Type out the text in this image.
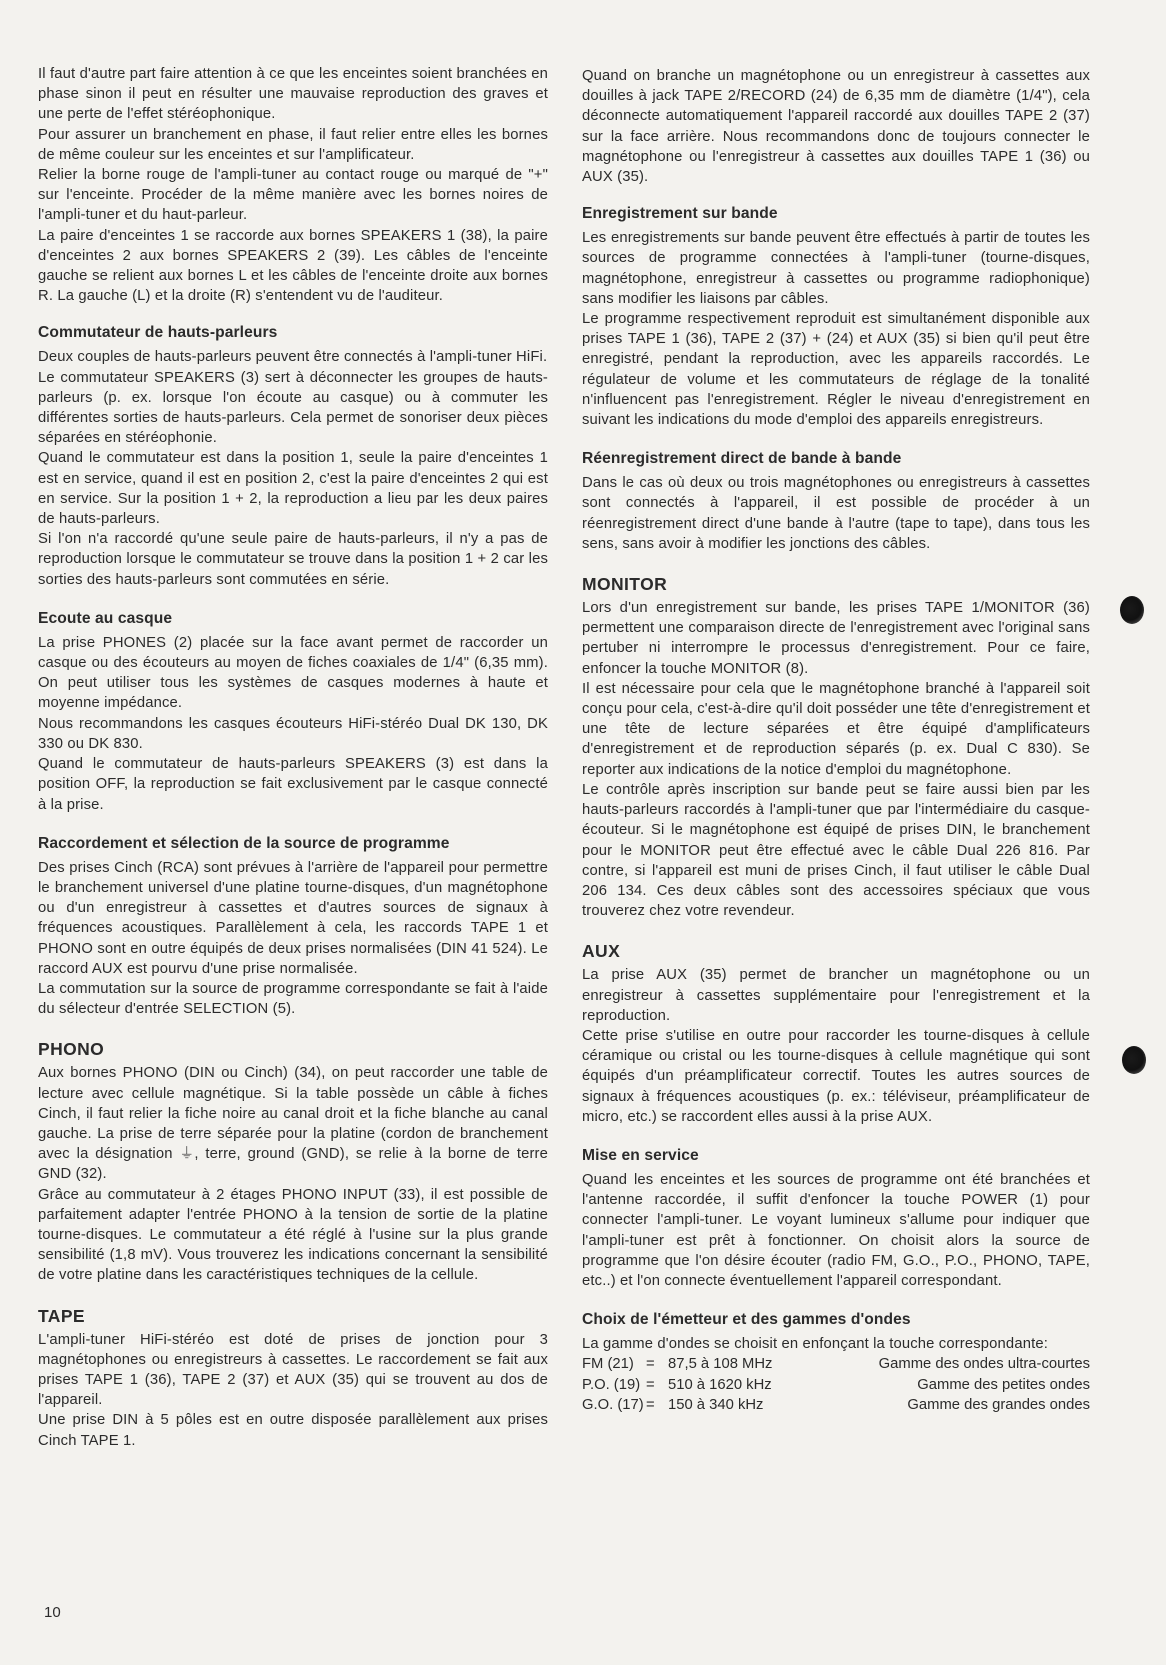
Il faut d'autre part faire attention à ce que les enceintes soient branchées en phase sinon il peut en résulter une mauvaise reproduction des graves et une perte de l'effet stéréophonique.

Pour assurer un branchement en phase, il faut relier entre elles les bornes de même couleur sur les enceintes et sur l'amplificateur.

Relier la borne rouge de l'ampli-tuner au contact rouge ou marqué de "+" sur l'enceinte. Procéder de la même manière avec les bornes noires de l'ampli-tuner et du haut-parleur.

La paire d'enceintes 1 se raccorde aux bornes SPEAKERS 1 (38), la paire d'enceintes 2 aux bornes SPEAKERS 2 (39). Les câbles de l'enceinte gauche se relient aux bornes L et les câbles de l'enceinte droite aux bornes R. La gauche (L) et la droite (R) s'entendent vu de l'auditeur.

Commutateur de hauts-parleurs

Deux couples de hauts-parleurs peuvent être connectés à l'ampli-tuner HiFi.

Le commutateur SPEAKERS (3) sert à déconnecter les groupes de hauts-parleurs (p. ex. lorsque l'on écoute au casque) ou à commuter les différentes sorties de hauts-parleurs. Cela permet de sonoriser deux pièces séparées en stéréophonie.

Quand le commutateur est dans la position 1, seule la paire d'enceintes 1 est en service, quand il est en position 2, c'est la paire d'enceintes 2 qui est en service. Sur la position 1 + 2, la reproduction a lieu par les deux paires de hauts-parleurs.

Si l'on n'a raccordé qu'une seule paire de hauts-parleurs, il n'y a pas de reproduction lorsque le commutateur se trouve dans la position 1 + 2 car les sorties des hauts-parleurs sont commutées en série.

Ecoute au casque

La prise PHONES (2) placée sur la face avant permet de raccorder un casque ou des écouteurs au moyen de fiches coaxiales de 1/4" (6,35 mm). On peut utiliser tous les systèmes de casques modernes à haute et moyenne impédance.

Nous recommandons les casques écouteurs HiFi-stéréo Dual DK 130, DK 330 ou DK 830.

Quand le commutateur de hauts-parleurs SPEAKERS (3) est dans la position OFF, la reproduction se fait exclusivement par le casque connecté à la prise.

Raccordement et sélection de la source de programme

Des prises Cinch (RCA) sont prévues à l'arrière de l'appareil pour permettre le branchement universel d'une platine tourne-disques, d'un magnétophone ou d'un enregistreur à cassettes et d'autres sources de signaux à fréquences acoustiques. Parallèlement à cela, les raccords TAPE 1 et PHONO sont en outre équipés de deux prises normalisées (DIN 41 524). Le raccord AUX est pourvu d'une prise normalisée.

La commutation sur la source de programme correspondante se fait à l'aide du sélecteur d'entrée SELECTION (5).

PHONO

Aux bornes PHONO (DIN ou Cinch) (34), on peut raccorder une table de lecture avec cellule magnétique. Si la table possède un câble à fiches Cinch, il faut relier la fiche noire au canal droit et la fiche blanche au canal gauche. La prise de terre séparée pour la platine (cordon de branchement avec la désignation ⏚, terre, ground (GND), se relie à la borne de terre GND (32).

Grâce au commutateur à 2 étages PHONO INPUT (33), il est possible de parfaitement adapter l'entrée PHONO à la tension de sortie de la platine tourne-disques. Le commutateur a été réglé à l'usine sur la plus grande sensibilité (1,8 mV). Vous trouverez les indications concernant la sensibilité de votre platine dans les caractéristiques techniques de la cellule.

TAPE

L'ampli-tuner HiFi-stéréo est doté de prises de jonction pour 3 magnétophones ou enregistreurs à cassettes. Le raccordement se fait aux prises TAPE 1 (36), TAPE 2 (37) et AUX (35) qui se trouvent au dos de l'appareil.

Une prise DIN à 5 pôles est en outre disposée parallèlement aux prises Cinch TAPE 1.

Quand on branche un magnétophone ou un enregistreur à cassettes aux douilles à jack TAPE 2/RECORD (24) de 6,35 mm de diamètre (1/4"), cela déconnecte automatiquement l'appareil raccordé aux douilles TAPE 2 (37) sur la face arrière. Nous recommandons donc de toujours connecter le magnétophone ou l'enregistreur à cassettes aux douilles TAPE 1 (36) ou AUX (35).

Enregistrement sur bande

Les enregistrements sur bande peuvent être effectués à partir de toutes les sources de programme connectées à l'ampli-tuner (tourne-disques, magnétophone, enregistreur à cassettes ou programme radiophonique) sans modifier les liaisons par câbles.

Le programme respectivement reproduit est simultanément disponible aux prises TAPE 1 (36), TAPE 2 (37) + (24) et AUX (35) si bien qu'il peut être enregistré, pendant la reproduction, avec les appareils raccordés. Le régulateur de volume et les commutateurs de réglage de la tonalité n'influencent pas l'enregistrement. Régler le niveau d'enregistrement en suivant les indications du mode d'emploi des appareils enregistreurs.

Réenregistrement direct de bande à bande

Dans le cas où deux ou trois magnétophones ou enregistreurs à cassettes sont connectés à l'appareil, il est possible de procéder à un réenregistrement direct d'une bande à l'autre (tape to tape), dans tous les sens, sans avoir à modifier les jonctions des câbles.

MONITOR

Lors d'un enregistrement sur bande, les prises TAPE 1/MONITOR (36) permettent une comparaison directe de l'enregistrement avec l'original sans pertuber ni interrompre le processus d'enregistrement. Pour ce faire, enfoncer la touche MONITOR (8).

Il est nécessaire pour cela que le magnétophone branché à l'appareil soit conçu pour cela, c'est-à-dire qu'il doit posséder une tête d'enregistrement et une tête de lecture séparées et être équipé d'amplificateurs d'enregistrement et de reproduction séparés (p. ex. Dual C 830). Se reporter aux indications de la notice d'emploi du magnétophone.

Le contrôle après inscription sur bande peut se faire aussi bien par les hauts-parleurs raccordés à l'ampli-tuner que par l'intermédiaire du casque-écouteur. Si le magnétophone est équipé de prises DIN, le branchement pour le MONITOR peut être effectué avec le câble Dual 226 816. Par contre, si l'appareil est muni de prises Cinch, il faut utiliser le câble Dual 206 134. Ces deux câbles sont des accessoires spéciaux que vous trouverez chez votre revendeur.

AUX

La prise AUX (35) permet de brancher un magnétophone ou un enregistreur à cassettes supplémentaire pour l'enregistrement et la reproduction.

Cette prise s'utilise en outre pour raccorder les tourne-disques à cellule céramique ou cristal ou les tourne-disques à cellule magnétique qui sont équipés d'un préamplificateur correctif. Toutes les autres sources de signaux à fréquences acoustiques (p. ex.: téléviseur, préamplificateur de micro, etc.) se raccordent elles aussi à la prise AUX.

Mise en service

Quand les enceintes et les sources de programme ont été branchées et l'antenne raccordée, il suffit d'enfoncer la touche POWER (1) pour connecter l'ampli-tuner. Le voyant lumineux s'allume pour indiquer que l'ampli-tuner est prêt à fonctionner. On choisit alors la source de programme que l'on désire écouter (radio FM, G.O., P.O., PHONO, TAPE, etc..) et l'on connecte éventuellement l'appareil correspondant.

Choix de l'émetteur et des gammes d'ondes

La gamme d'ondes se choisit en enfonçant la touche correspondante:

FM (21)	=	87,5 à 108 MHz	Gamme des ondes ultra-courtes
P.O. (19)	=	510 à 1620 kHz	Gamme des petites ondes
G.O. (17)	=	150 à 340 kHz	Gamme des grandes ondes
10
